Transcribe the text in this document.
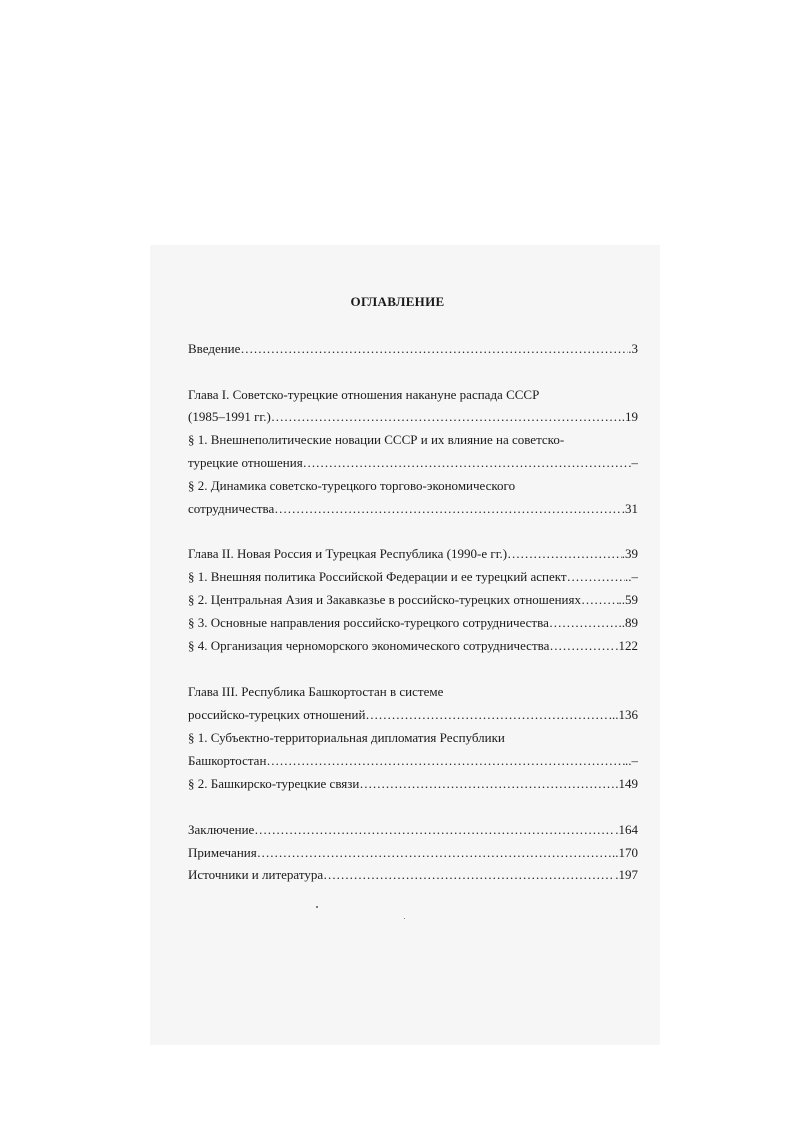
ОГЛАВЛЕНИЕ
Введение …………………………………………………………………………………………………………………………………………………………	.3
Глава I. Советско-турецкие отношения накануне распада СССР
(1985–1991 гг.) …………………………………………………………………………………………………………………………………………………………	.19
§ 1. Внешнеполитические новации СССР и их влияние на советско-
турецкие отношения …………………………………………………………………………………………………………………………………………………………	.–
§ 2. Динамика советско-турецкого торгово-экономического
сотрудничества …………………………………………………………………………………………………………………………………………………………	.31
Глава II. Новая Россия и Турецкая Республика (1990-е гг.) …………………………………………………………………………………………………………………………………………………………	.39
§ 1. Внешняя политика Российской Федерации и ее турецкий аспект …………………………………………………………………………………………………………………………………………………………	..–
§ 2. Центральная Азия и Закавказье в российско-турецких отношениях …………………………………………………………………………………………………………………………………………………………	..59
§ 3. Основные направления российско-турецкого сотрудничества …………………………………………………………………………………………………………………………………………………………	..89
§ 4. Организация черноморского экономического сотрудничества …………………………………………………………………………………………………………………………………………………………	.122
Глава III. Республика Башкортостан в системе
российско-турецких отношений …………………………………………………………………………………………………………………………………………………………	...136
§ 1. Субъектно-территориальная дипломатия Республики
Башкортостан …………………………………………………………………………………………………………………………………………………………	..–
§ 2. Башкирско-турецкие связи …………………………………………………………………………………………………………………………………………………………	.149
Заключение …………………………………………………………………………………………………………………………………………………………	.164
Примечания …………………………………………………………………………………………………………………………………………………………	..170
Источники и литература …………………………………………………………………………………………………………………………………………………………	.197
